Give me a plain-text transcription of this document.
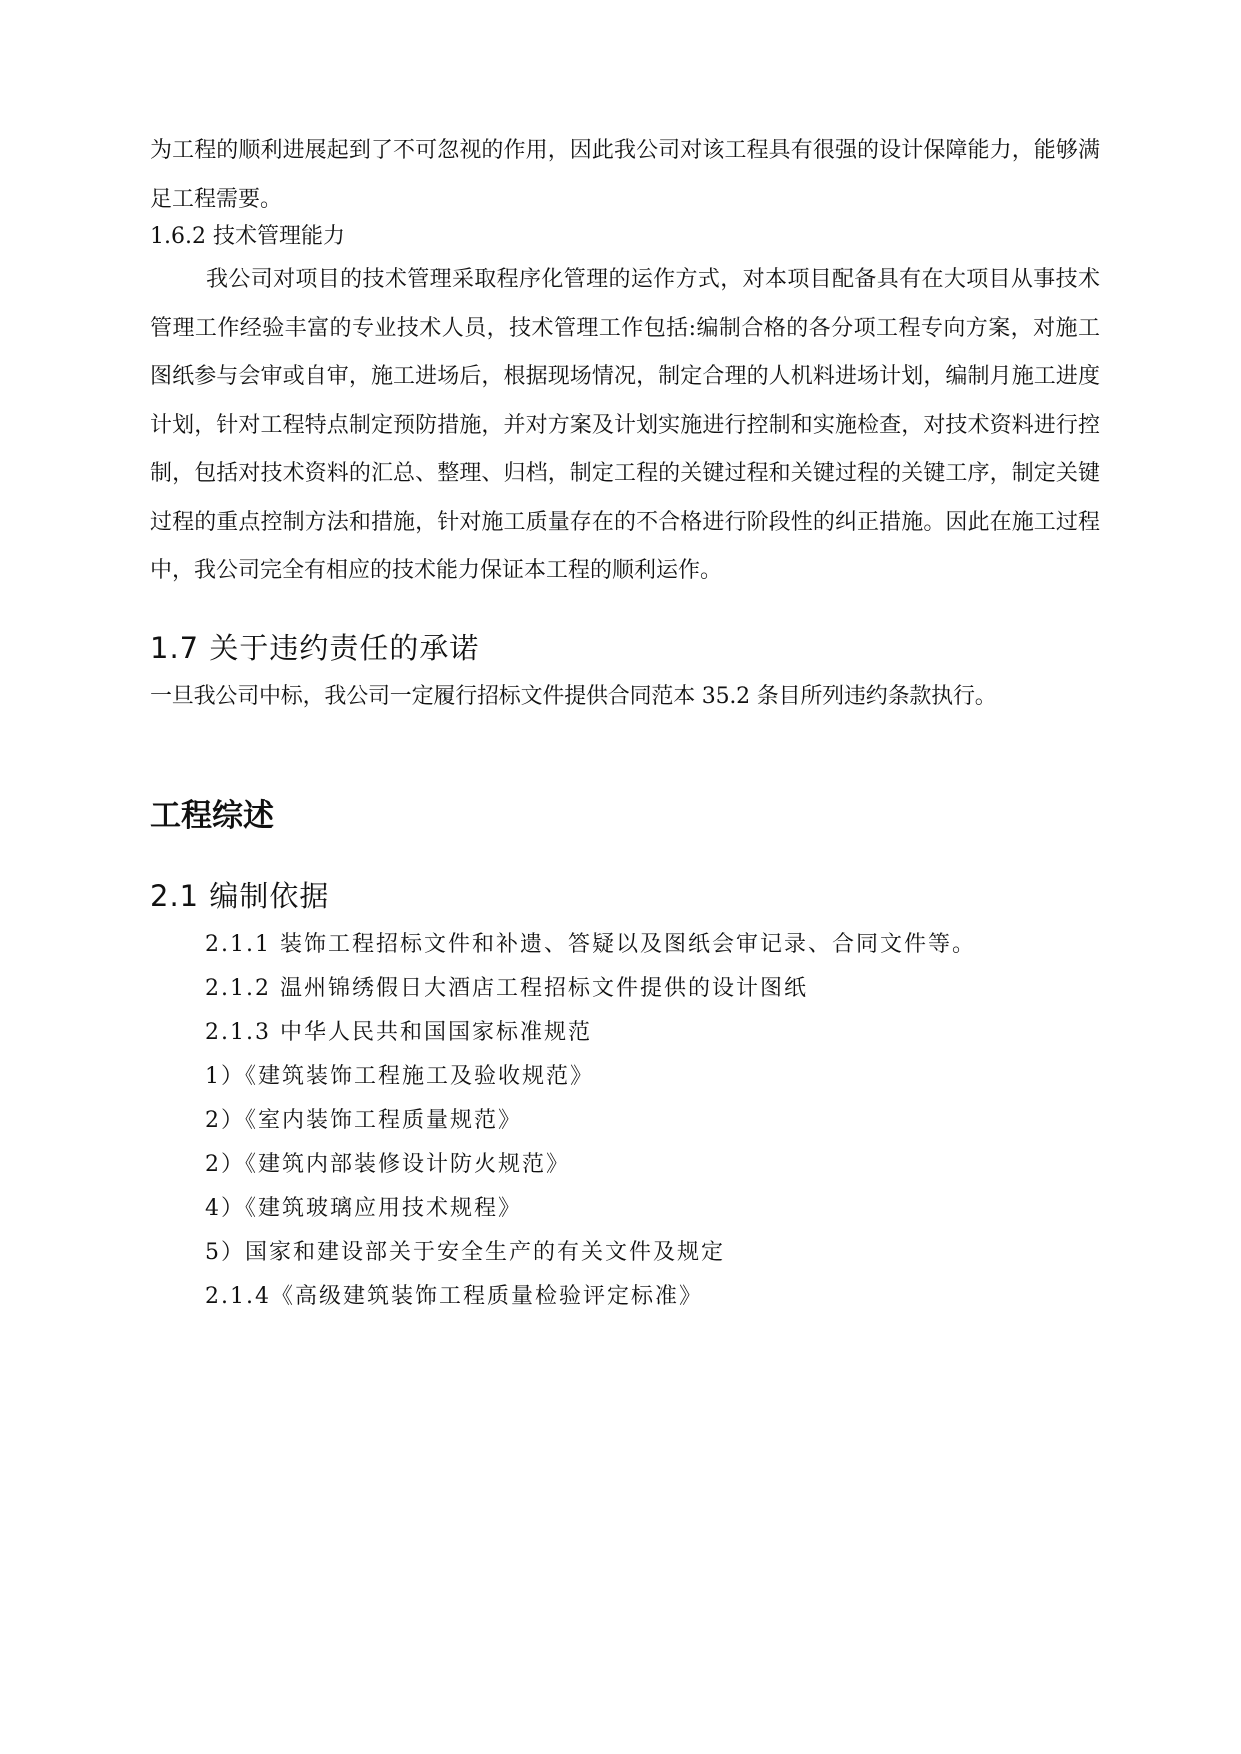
为工程的顺利进展起到了不可忽视的作用，因此我公司对该工程具有很强的设计保障能力，能够满足工程需要。

1.6.2 技术管理能力

我公司对项目的技术管理采取程序化管理的运作方式，对本项目配备具有在大项目从事技术管理工作经验丰富的专业技术人员，技术管理工作包括:编制合格的各分项工程专向方案，对施工图纸参与会审或自审，施工进场后，根据现场情况，制定合理的人机料进场计划，编制月施工进度计划，针对工程特点制定预防措施，并对方案及计划实施进行控制和实施检查，对技术资料进行控制，包括对技术资料的汇总、整理、归档，制定工程的关键过程和关键过程的关键工序，制定关键过程的重点控制方法和措施，针对施工质量存在的不合格进行阶段性的纠正措施。因此在施工过程中，我公司完全有相应的技术能力保证本工程的顺利运作。

1.7 关于违约责任的承诺

一旦我公司中标，我公司一定履行招标文件提供合同范本 35.2 条目所列违约条款执行。

工程综述
2.1 编制依据
2.1.1 装饰工程招标文件和补遗、答疑以及图纸会审记录、合同文件等。
2.1.2 温州锦绣假日大酒店工程招标文件提供的设计图纸
2.1.3 中华人民共和国国家标准规范
1）《建筑装饰工程施工及验收规范》
2）《室内装饰工程质量规范》
2）《建筑内部装修设计防火规范》
4）《建筑玻璃应用技术规程》
5）国家和建设部关于安全生产的有关文件及规定
2.1.4《高级建筑装饰工程质量检验评定标准》
